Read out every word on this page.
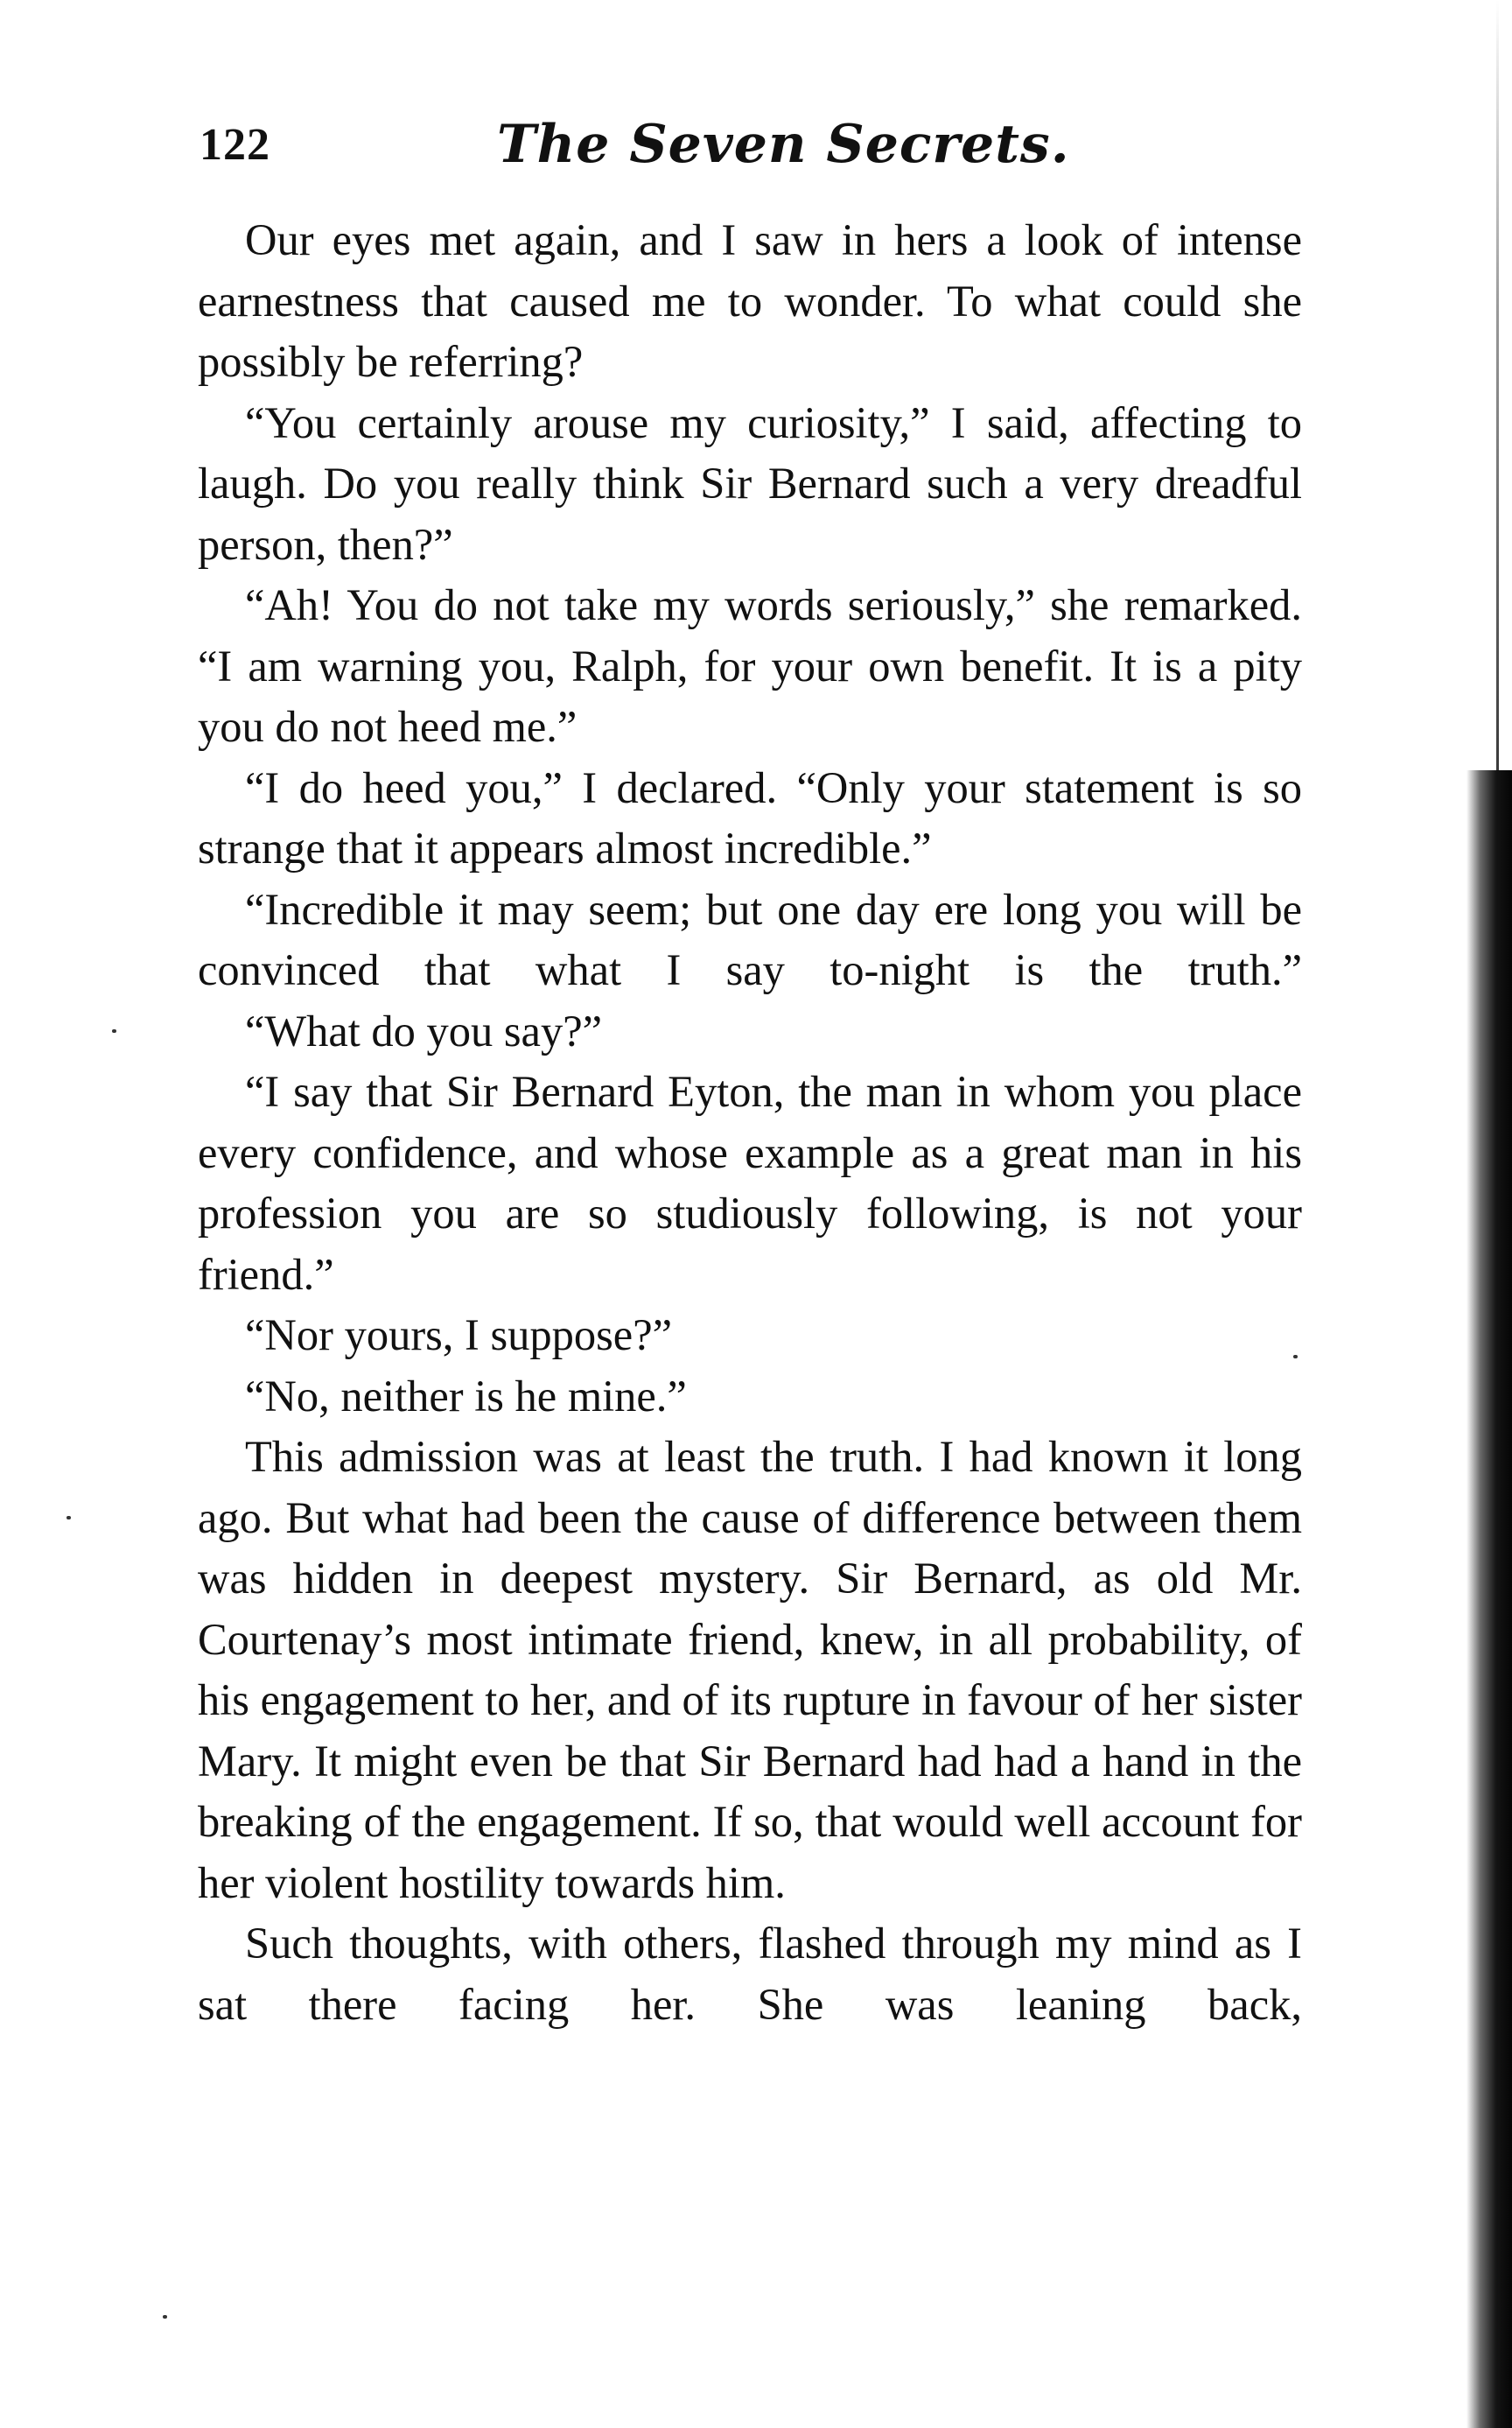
122	The Seven Secrets.

Our eyes met again, and I saw in hers a look of intense earnestness that caused me to wonder. To what could she possibly be referring?

“You certainly arouse my curiosity,” I said, affecting to laugh. Do you really think Sir Bernard such a very dreadful person, then?”

“Ah! You do not take my words seriously,” she remarked. “I am warning you, Ralph, for your own benefit. It is a pity you do not heed me.”

“I do heed you,” I declared. “Only your statement is so strange that it appears almost incredible.”

“Incredible it may seem; but one day ere long you will be convinced that what I say to-night is the truth.”

“What do you say?”

“I say that Sir Bernard Eyton, the man in whom you place every confidence, and whose example as a great man in his profession you are so studiously following, is not your friend.”

“Nor yours, I suppose?”

“No, neither is he mine.”

This admission was at least the truth. I had known it long ago. But what had been the cause of difference between them was hidden in deepest mystery. Sir Bernard, as old Mr. Courtenay’s most intimate friend, knew, in all probability, of his engagement to her, and of its rupture in favour of her sister Mary. It might even be that Sir Bernard had had a hand in the breaking of the engagement. If so, that would well account for her violent hostility towards him.

Such thoughts, with others, flashed through my mind as I sat there facing her. She was leaning back,
